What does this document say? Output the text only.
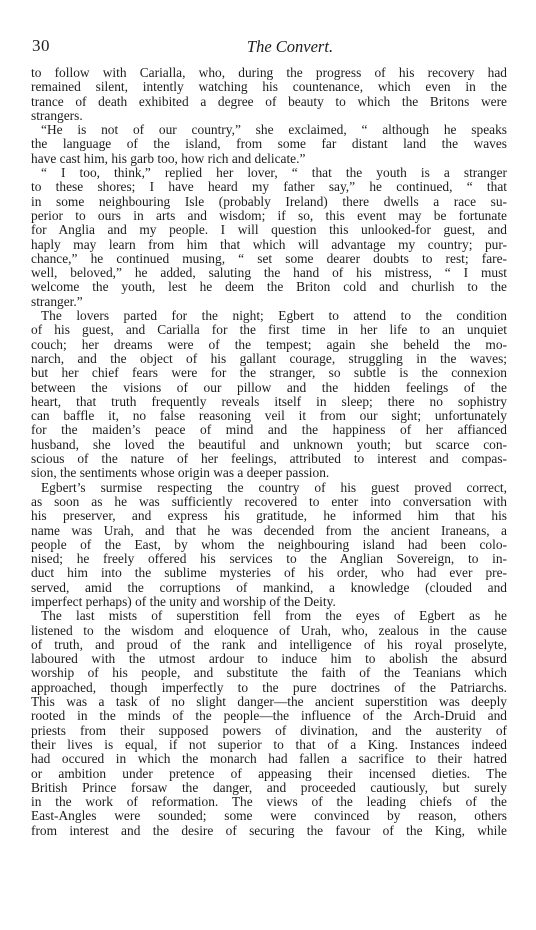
30	The Convert.
to follow with Carialla, who, during the progress of his recovery had
remained silent, intently watching his countenance, which even in the
trance of death exhibited a degree of beauty to which the Britons were
strangers.
“He is not of our country,” she exclaimed, “ although he speaks
the language of the island, from some far distant land the waves
have cast him, his garb too, how rich and delicate.”
“ I too, think,” replied her lover, “ that the youth is a stranger
to these shores; I have heard my father say,” he continued, “ that
in some neighbouring Isle (probably Ireland) there dwells a race su-
perior to ours in arts and wisdom; if so, this event may be fortunate
for Anglia and my people. I will question this unlooked-for guest, and
haply may learn from him that which will advantage my country; pur-
chance,” he continued musing, “ set some dearer doubts to rest; fare-
well, beloved,” he added, saluting the hand of his mistress, “ I must
welcome the youth, lest he deem the Briton cold and churlish to the
stranger.”
The lovers parted for the night; Egbert to attend to the condition
of his guest, and Carialla for the first time in her life to an unquiet
couch; her dreams were of the tempest; again she beheld the mo-
narch, and the object of his gallant courage, struggling in the waves;
but her chief fears were for the stranger, so subtle is the connexion
between the visions of our pillow and the hidden feelings of the
heart, that truth frequently reveals itself in sleep; there no sophistry
can baffle it, no false reasoning veil it from our sight; unfortunately
for the maiden’s peace of mind and the happiness of her affianced
husband, she loved the beautiful and unknown youth; but scarce con-
scious of the nature of her feelings, attributed to interest and compas-
sion, the sentiments whose origin was a deeper passion.
Egbert’s surmise respecting the country of his guest proved correct,
as soon as he was sufficiently recovered to enter into conversation with
his preserver, and express his gratitude, he informed him that his
name was Urah, and that he was decended from the ancient Iraneans, a
people of the East, by whom the neighbouring island had been colo-
nised; he freely offered his services to the Anglian Sovereign, to in-
duct him into the sublime mysteries of his order, who had ever pre-
served, amid the corruptions of mankind, a knowledge (clouded and
imperfect perhaps) of the unity and worship of the Deity.
The last mists of superstition fell from the eyes of Egbert as he
listened to the wisdom and eloquence of Urah, who, zealous in the cause
of truth, and proud of the rank and intelligence of his royal proselyte,
laboured with the utmost ardour to induce him to abolish the absurd
worship of his people, and substitute the faith of the Teanians which
approached, though imperfectly to the pure doctrines of the Patriarchs.
This was a task of no slight danger—the ancient superstition was deeply
rooted in the minds of the people—the influence of the Arch-Druid and
priests from their supposed powers of divination, and the austerity of
their lives is equal, if not superior to that of a King. Instances indeed
had occured in which the monarch had fallen a sacrifice to their hatred
or ambition under pretence of appeasing their incensed dieties. The
British Prince forsaw the danger, and proceeded cautiously, but surely
in the work of reformation. The views of the leading chiefs of the
East-Angles were sounded; some were convinced by reason, others
from interest and the desire of securing the favour of the King, while
